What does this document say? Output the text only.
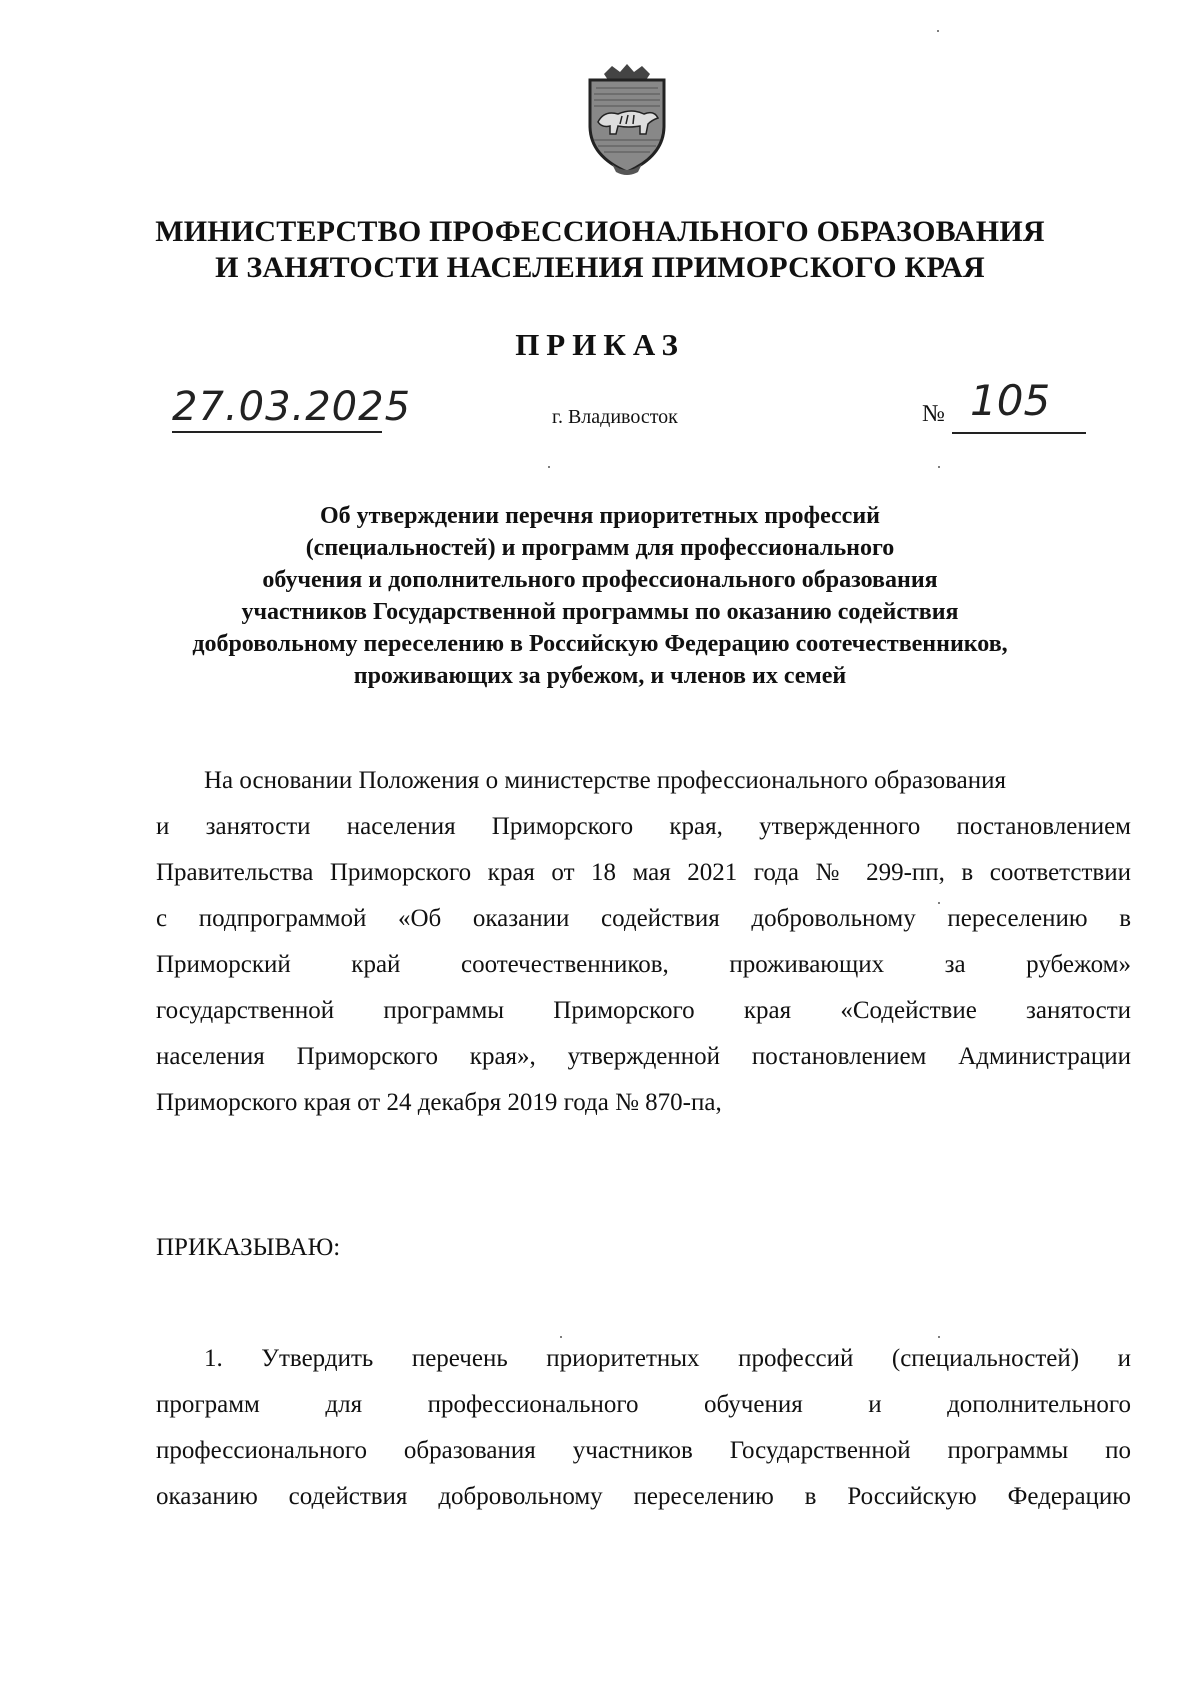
МИНИСТЕРСТВО ПРОФЕССИОНАЛЬНОГО ОБРАЗОВАНИЯ
И ЗАНЯТОСТИ НАСЕЛЕНИЯ ПРИМОРСКОГО КРАЯ
ПРИКАЗ
27.03.2025	г. Владивосток	№ 105
Об утверждении перечня приоритетных профессий
(специальностей) и программ для профессионального
обучения и дополнительного профессионального образования
участников Государственной программы по оказанию содействия
добровольному переселению в Российскую Федерацию соотечественников,
проживающих за рубежом, и членов их семей
На основании Положения о министерстве профессионального образования
и занятости населения Приморского края, утвержденного постановлением
Правительства Приморского края от 18 мая 2021 года № 299-пп, в соответствии
с подпрограммой «Об оказании содействия добровольному переселению в
Приморский край соотечественников, проживающих за рубежом»
государственной программы Приморского края «Содействие занятости
населения Приморского края», утвержденной постановлением Администрации
Приморского края от 24 декабря 2019 года № 870-па,
ПРИКАЗЫВАЮ:
1. Утвердить перечень приоритетных профессий (специальностей) и
программ для профессионального обучения и дополнительного
профессионального образования участников Государственной программы по
оказанию содействия добровольному переселению в Российскую Федерацию
